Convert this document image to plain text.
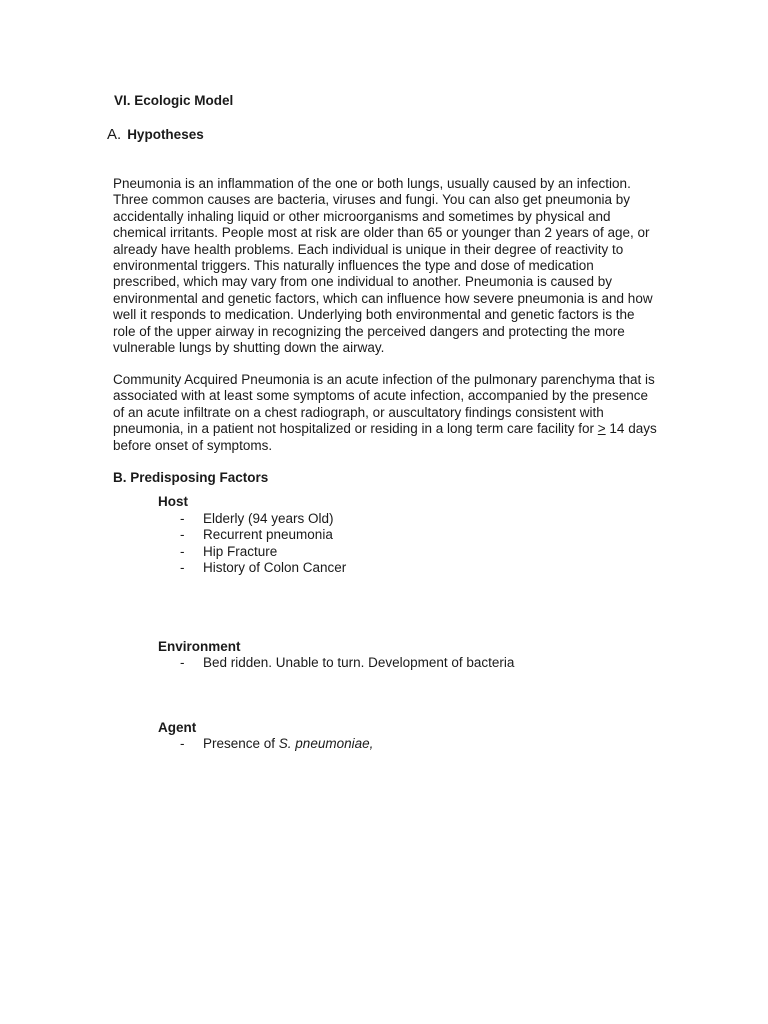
VI. Ecologic Model
A. Hypotheses

Pneumonia is an inflammation of the one or both lungs, usually caused by an infection. Three common causes are bacteria, viruses and fungi. You can also get pneumonia by accidentally inhaling liquid or other microorganisms and sometimes by physical and chemical irritants. People most at risk are older than 65 or younger than 2 years of age, or already have health problems. Each individual is unique in their degree of reactivity to environmental triggers. This naturally influences the type and dose of medication prescribed, which may vary from one individual to another. Pneumonia is caused by environmental and genetic factors, which can influence how severe pneumonia is and how well it responds to medication. Underlying both environmental and genetic factors is the role of the upper airway in recognizing the perceived dangers and protecting the more vulnerable lungs by shutting down the airway.

Community Acquired Pneumonia is an acute infection of the pulmonary parenchyma that is associated with at least some symptoms of acute infection, accompanied by the presence of an acute infiltrate on a chest radiograph, or auscultatory findings consistent with pneumonia, in a patient not hospitalized or residing in a long term care facility for > 14 days before onset of symptoms.

B. Predisposing Factors
Host
- Elderly (94 years Old)
- Recurrent pneumonia
- Hip Fracture
- History of Colon Cancer
Environment
- Bed ridden. Unable to turn. Development of bacteria
Agent
- Presence of S. pneumoniae,
